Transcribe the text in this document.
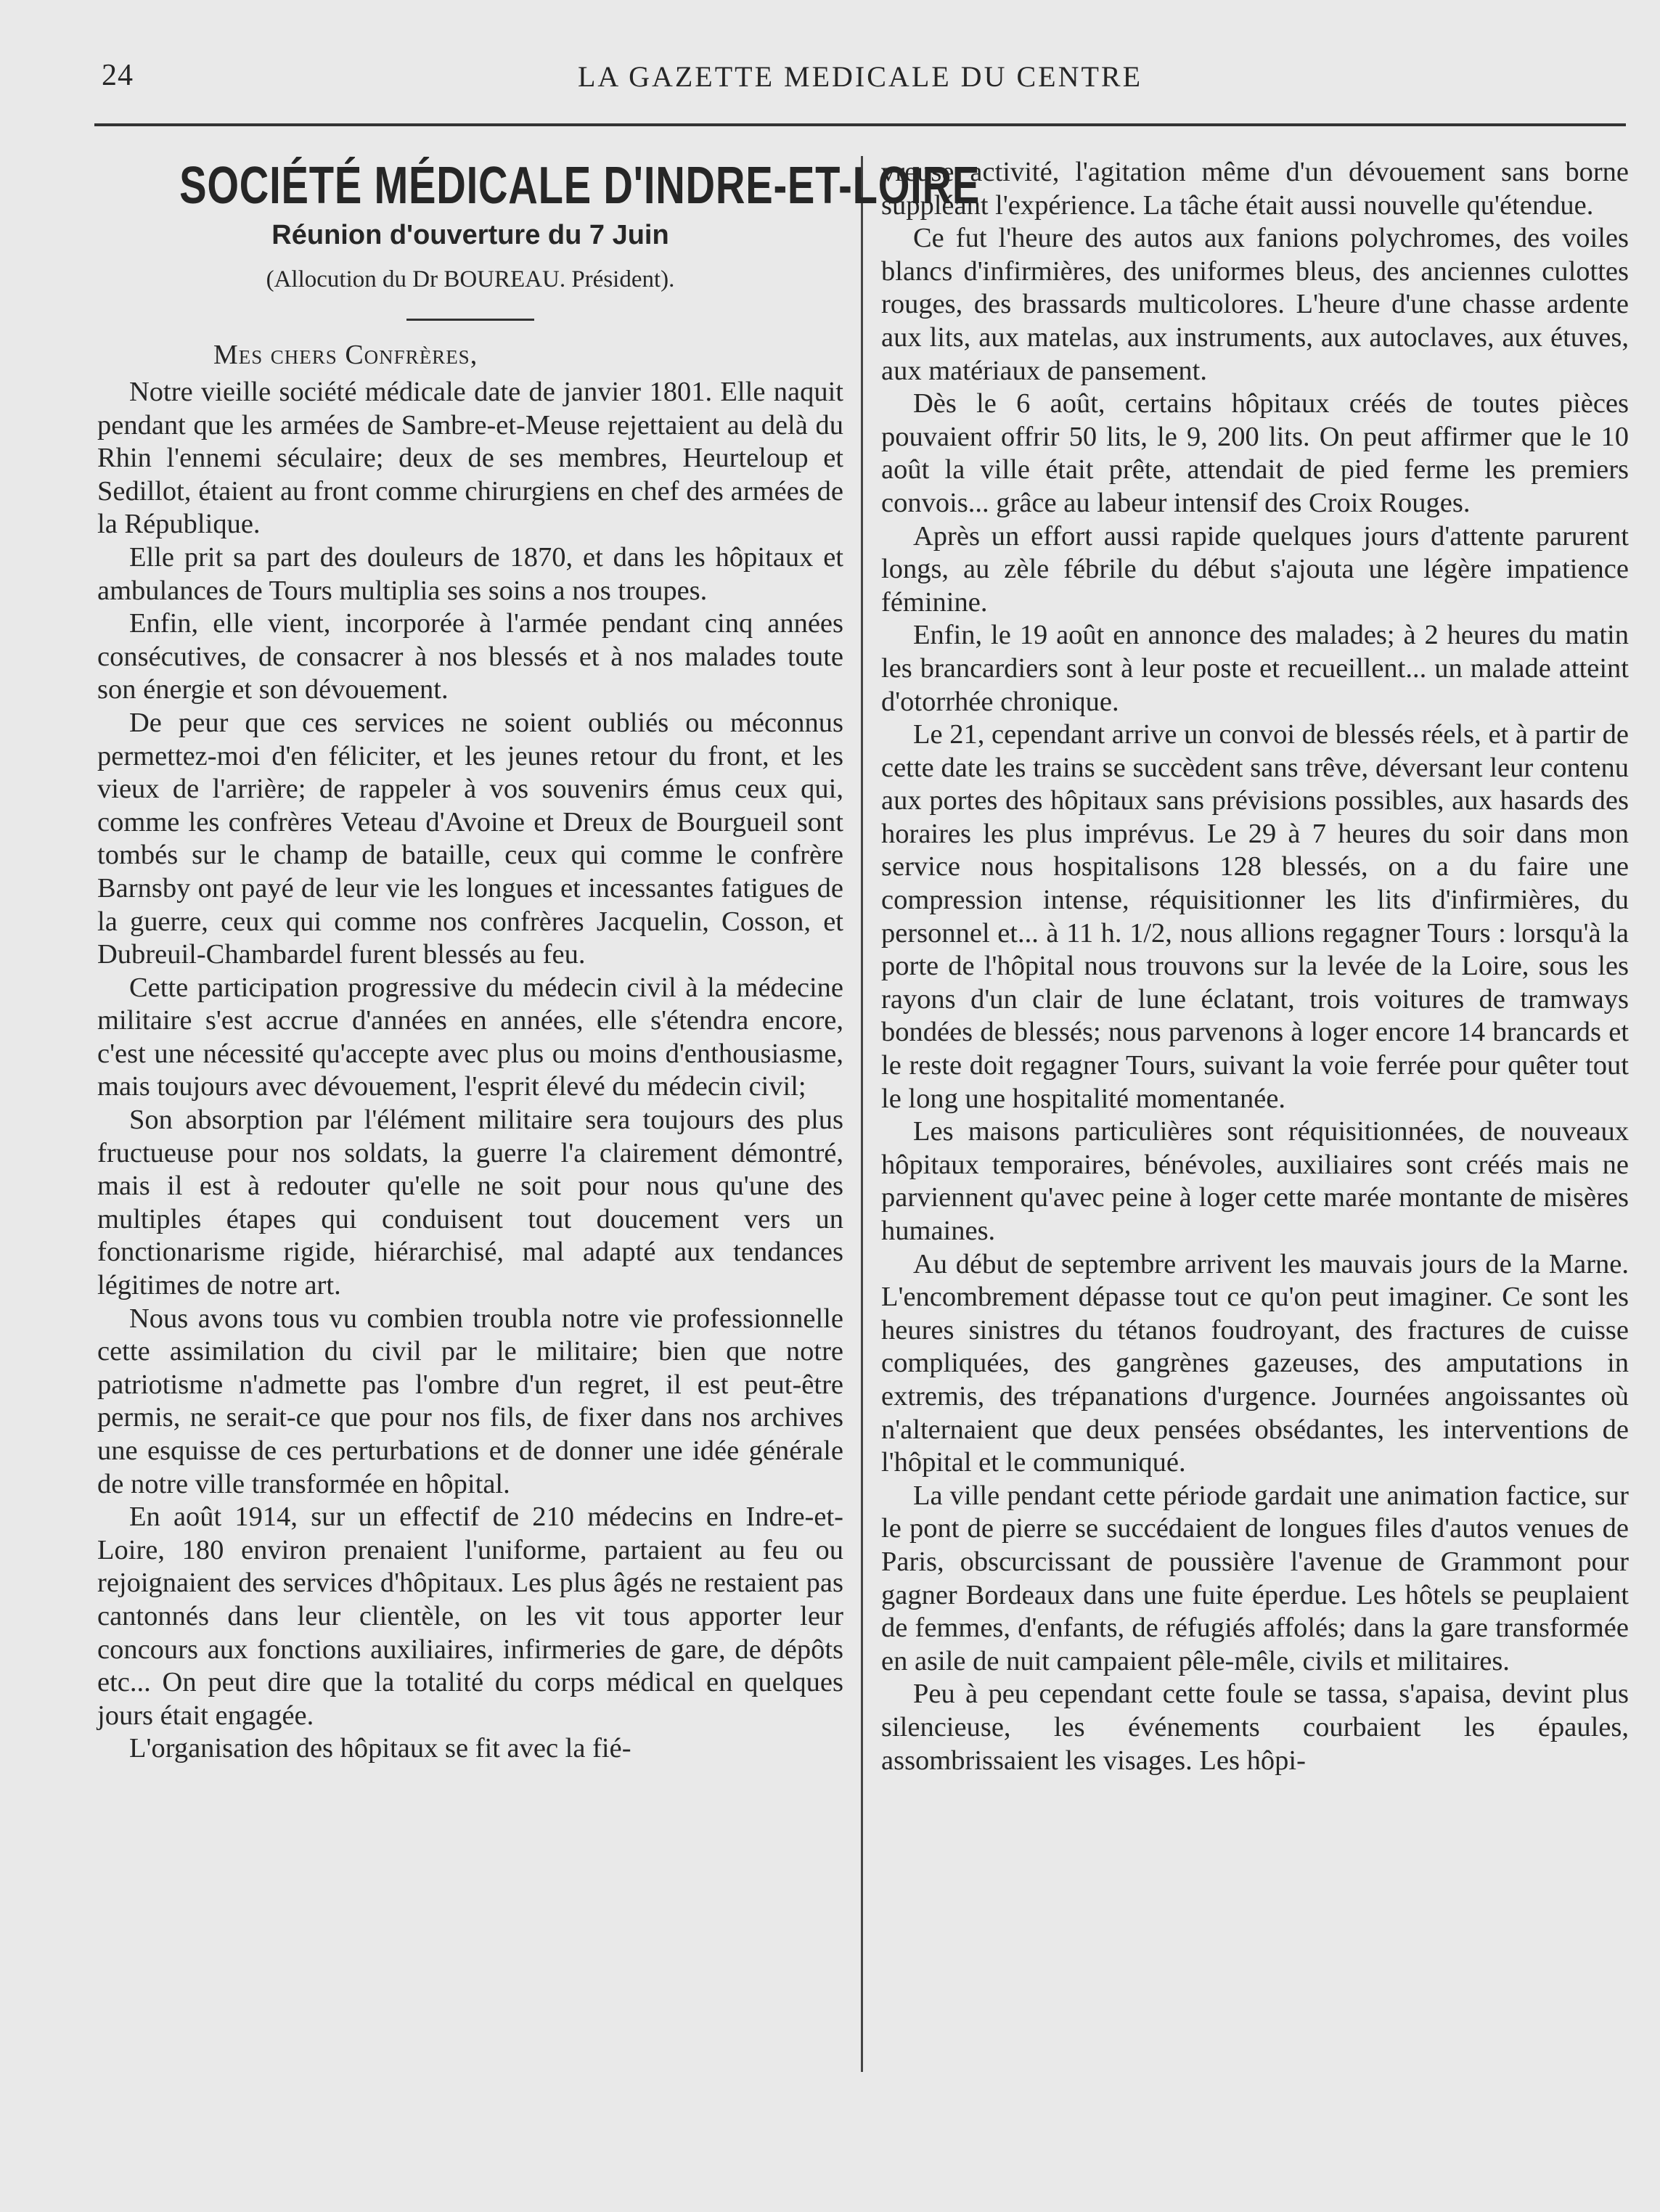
24	LA GAZETTE MEDICALE DU CENTRE
SOCIÉTÉ MÉDICALE D'INDRE-ET-LOIRE
Réunion d'ouverture du 7 Juin
(Allocution du Dr BOUREAU. Président).
Mes chers Confrères,

Notre vieille société médicale date de janvier 1801. Elle naquit pendant que les armées de Sambre-et-Meuse rejettaient au delà du Rhin l'ennemi séculaire; deux de ses membres, Heurteloup et Sedillot, étaient au front comme chirurgiens en chef des armées de la République.

Elle prit sa part des douleurs de 1870, et dans les hôpitaux et ambulances de Tours multiplia ses soins a nos troupes.

Enfin, elle vient, incorporée à l'armée pendant cinq années consécutives, de consacrer à nos blessés et à nos malades toute son énergie et son dévouement.

De peur que ces services ne soient oubliés ou méconnus permettez-moi d'en féliciter, et les jeunes retour du front, et les vieux de l'arrière; de rappeler à vos souvenirs émus ceux qui, comme les confrères Veteau d'Avoine et Dreux de Bourgueil sont tombés sur le champ de bataille, ceux qui comme le confrère Barnsby ont payé de leur vie les longues et incessantes fatigues de la guerre, ceux qui comme nos confrères Jacquelin, Cosson, et Dubreuil-Chambardel furent blessés au feu.

Cette participation progressive du médecin civil à la médecine militaire s'est accrue d'années en années, elle s'étendra encore, c'est une nécessité qu'accepte avec plus ou moins d'enthousiasme, mais toujours avec dévouement, l'esprit élevé du médecin civil;

Son absorption par l'élément militaire sera toujours des plus fructueuse pour nos soldats, la guerre l'a clairement démontré, mais il est à redouter qu'elle ne soit pour nous qu'une des multiples étapes qui conduisent tout doucement vers un fonctionarisme rigide, hiérarchisé, mal adapté aux tendances légitimes de notre art.

Nous avons tous vu combien troubla notre vie professionnelle cette assimilation du civil par le militaire; bien que notre patriotisme n'admette pas l'ombre d'un regret, il est peut-être permis, ne serait-ce que pour nos fils, de fixer dans nos archives une esquisse de ces perturbations et de donner une idée générale de notre ville transformée en hôpital.

En août 1914, sur un effectif de 210 médecins en Indre-et-Loire, 180 environ prenaient l'uniforme, partaient au feu ou rejoignaient des services d'hôpitaux. Les plus âgés ne restaient pas cantonnés dans leur clientèle, on les vit tous apporter leur concours aux fonctions auxiliaires, infirmeries de gare, de dépôts etc... On peut dire que la totalité du corps médical en quelques jours était engagée.

L'organisation des hôpitaux se fit avec la fié-

vreuse activité, l'agitation même d'un dévouement sans borne suppléant l'expérience. La tâche était aussi nouvelle qu'étendue.

Ce fut l'heure des autos aux fanions polychromes, des voiles blancs d'infirmières, des uniformes bleus, des anciennes culottes rouges, des brassards multicolores. L'heure d'une chasse ardente aux lits, aux matelas, aux instruments, aux autoclaves, aux étuves, aux matériaux de pansement.

Dès le 6 août, certains hôpitaux créés de toutes pièces pouvaient offrir 50 lits, le 9, 200 lits. On peut affirmer que le 10 août la ville était prête, attendait de pied ferme les premiers convois... grâce au labeur intensif des Croix Rouges.

Après un effort aussi rapide quelques jours d'attente parurent longs, au zèle fébrile du début s'ajouta une légère impatience féminine.

Enfin, le 19 août en annonce des malades; à 2 heures du matin les brancardiers sont à leur poste et recueillent... un malade atteint d'otorrhée chronique.

Le 21, cependant arrive un convoi de blessés réels, et à partir de cette date les trains se succèdent sans trêve, déversant leur contenu aux portes des hôpitaux sans prévisions possibles, aux hasards des horaires les plus imprévus. Le 29 à 7 heures du soir dans mon service nous hospitalisons 128 blessés, on a du faire une compression intense, réquisitionner les lits d'infirmières, du personnel et... à 11 h. 1/2, nous allions regagner Tours : lorsqu'à la porte de l'hôpital nous trouvons sur la levée de la Loire, sous les rayons d'un clair de lune éclatant, trois voitures de tramways bondées de blessés; nous parvenons à loger encore 14 brancards et le reste doit regagner Tours, suivant la voie ferrée pour quêter tout le long une hospitalité momentanée.

Les maisons particulières sont réquisitionnées, de nouveaux hôpitaux temporaires, bénévoles, auxiliaires sont créés mais ne parviennent qu'avec peine à loger cette marée montante de misères humaines.

Au début de septembre arrivent les mauvais jours de la Marne. L'encombrement dépasse tout ce qu'on peut imaginer. Ce sont les heures sinistres du tétanos foudroyant, des fractures de cuisse compliquées, des gangrènes gazeuses, des amputations in extremis, des trépanations d'urgence. Journées angoissantes où n'alternaient que deux pensées obsédantes, les interventions de l'hôpital et le communiqué.

La ville pendant cette période gardait une animation factice, sur le pont de pierre se succédaient de longues files d'autos venues de Paris, obscurcissant de poussière l'avenue de Grammont pour gagner Bordeaux dans une fuite éperdue. Les hôtels se peuplaient de femmes, d'enfants, de réfugiés affolés; dans la gare transformée en asile de nuit campaient pêle-mêle, civils et militaires.

Peu à peu cependant cette foule se tassa, s'apaisa, devint plus silencieuse, les événements courbaient les épaules, assombrissaient les visages. Les hôpi-
